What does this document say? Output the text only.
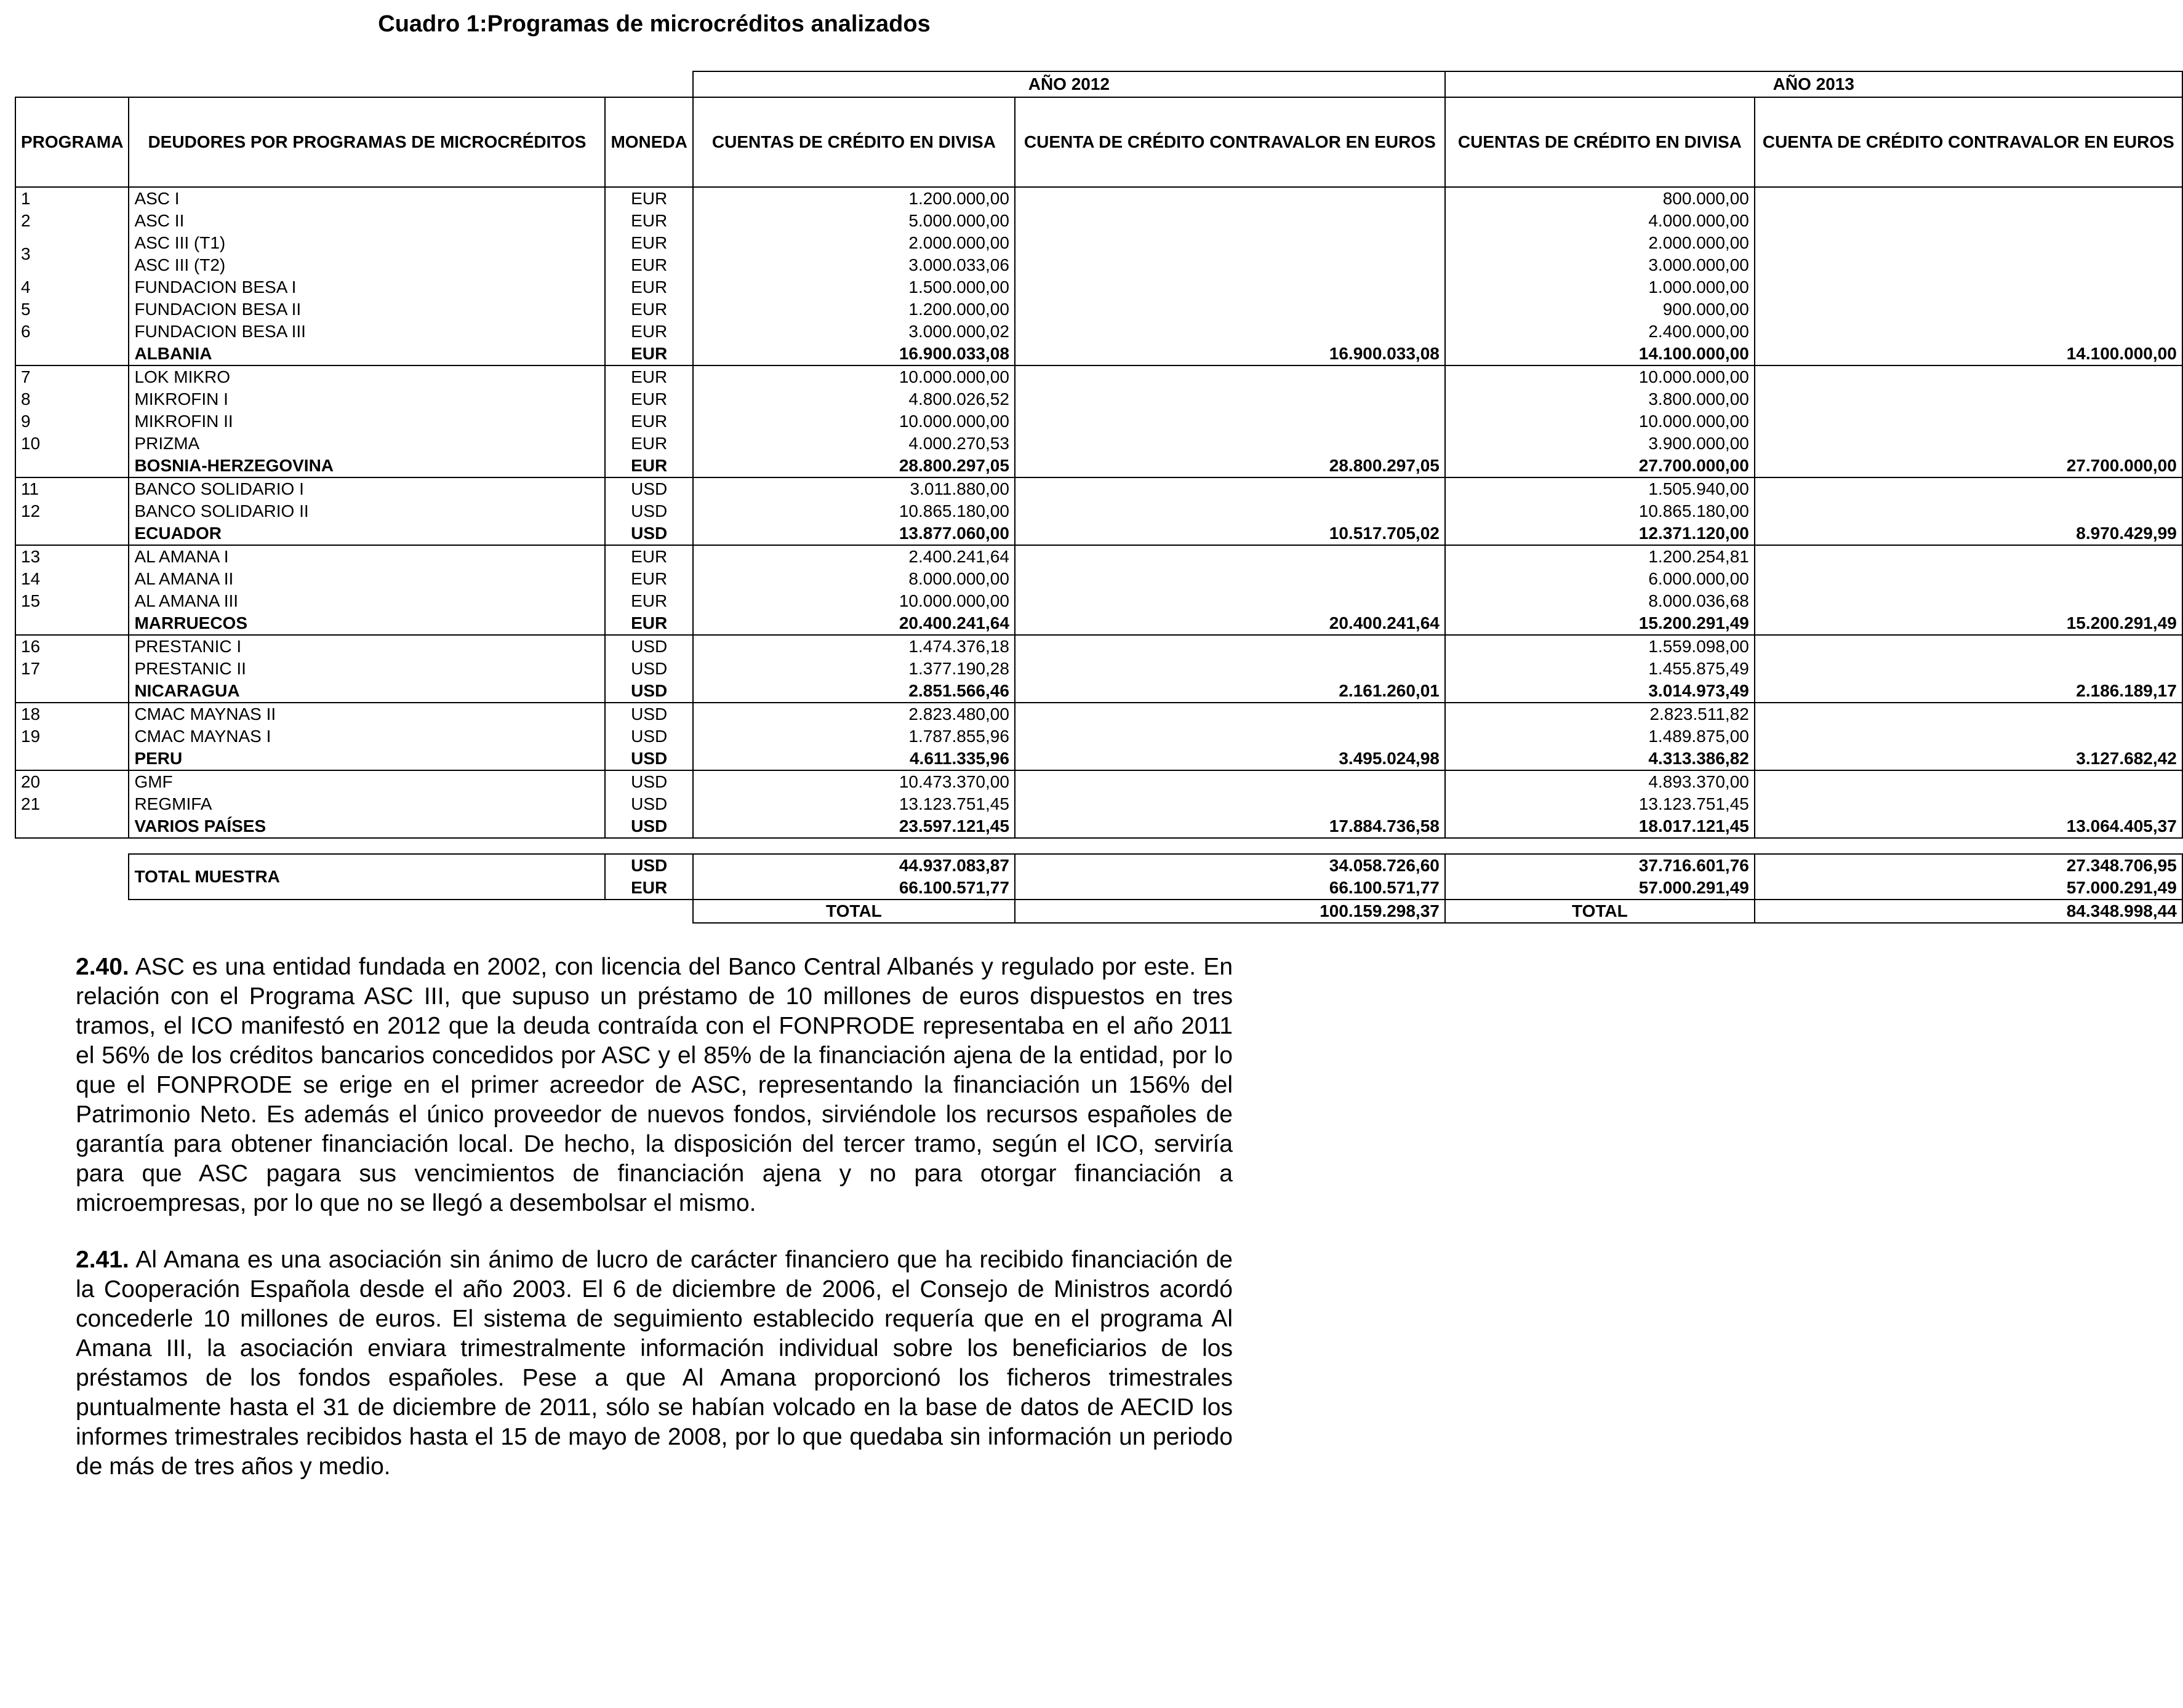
Cuadro 1:Programas de microcréditos analizados
			AÑO 2012		AÑO 2013	
PROGRAMA	DEUDORES POR PROGRAMAS DE MICROCRÉDITOS	MONEDA	CUENTAS DE CRÉDITO EN DIVISA	CUENTA DE CRÉDITO CONTRAVALOR EN EUROS	CUENTAS DE CRÉDITO EN DIVISA	CUENTA DE CRÉDITO CONTRAVALOR EN EUROS
1	ASC I	EUR	1.200.000,00		800.000,00	
2	ASC II	EUR	5.000.000,00		4.000.000,00	
3	ASC III (T1)	EUR	2.000.000,00		2.000.000,00	
	ASC III (T2)	EUR	3.000.033,06		3.000.000,00	
4	FUNDACION BESA I	EUR	1.500.000,00		1.000.000,00	
5	FUNDACION BESA II	EUR	1.200.000,00		900.000,00	
6	FUNDACION BESA III	EUR	3.000.000,02		2.400.000,00	
	ALBANIA	EUR	16.900.033,08	16.900.033,08	14.100.000,00	14.100.000,00
7	LOK MIKRO	EUR	10.000.000,00		10.000.000,00	
8	MIKROFIN I	EUR	4.800.026,52		3.800.000,00	
9	MIKROFIN II	EUR	10.000.000,00		10.000.000,00	
10	PRIZMA	EUR	4.000.270,53		3.900.000,00	
	BOSNIA-HERZEGOVINA	EUR	28.800.297,05	28.800.297,05	27.700.000,00	27.700.000,00
11	BANCO SOLIDARIO I	USD	3.011.880,00		1.505.940,00	
12	BANCO SOLIDARIO II	USD	10.865.180,00		10.865.180,00	
	ECUADOR	USD	13.877.060,00	10.517.705,02	12.371.120,00	8.970.429,99
13	AL AMANA I	EUR	2.400.241,64		1.200.254,81	
14	AL AMANA II	EUR	8.000.000,00		6.000.000,00	
15	AL AMANA III	EUR	10.000.000,00		8.000.036,68	
	MARRUECOS	EUR	20.400.241,64	20.400.241,64	15.200.291,49	15.200.291,49
16	PRESTANIC I	USD	1.474.376,18		1.559.098,00	
17	PRESTANIC II	USD	1.377.190,28		1.455.875,49	
	NICARAGUA	USD	2.851.566,46	2.161.260,01	3.014.973,49	2.186.189,17
18	CMAC MAYNAS II	USD	2.823.480,00		2.823.511,82	
19	CMAC MAYNAS I	USD	1.787.855,96		1.489.875,00	
	PERU	USD	4.611.335,96	3.495.024,98	4.313.386,82	3.127.682,42
20	GMF	USD	10.473.370,00		4.893.370,00	
21	REGMIFA	USD	13.123.751,45		13.123.751,45	
	VARIOS PAÍSES	USD	23.597.121,45	17.884.736,58	18.017.121,45	13.064.405,37

	TOTAL MUESTRA	USD	44.937.083,87	34.058.726,60	37.716.601,76	27.348.706,95
		EUR	66.100.571,77	66.100.571,77	57.000.291,49	57.000.291,49
			TOTAL	100.159.298,37	TOTAL	84.348.998,44

2.40. ASC es una entidad fundada en 2002, con licencia del Banco Central Albanés y regulado por este. En relación con el Programa ASC III, que supuso un préstamo de 10 millones de euros dispuestos en tres tramos, el ICO manifestó en 2012 que la deuda contraída con el FONPRODE representaba en el año 2011 el 56% de los créditos bancarios concedidos por ASC y el 85% de la financiación ajena de la entidad, por lo que el FONPRODE se erige en el primer acreedor de ASC, representando la financiación un 156% del Patrimonio Neto. Es además el único proveedor de nuevos fondos, sirviéndole los recursos españoles de garantía para obtener financiación local. De hecho, la disposición del tercer tramo, según el ICO, serviría para que ASC pagara sus vencimientos de financiación ajena y no para otorgar financiación a microempresas, por lo que no se llegó a desembolsar el mismo.

2.41. Al Amana es una asociación sin ánimo de lucro de carácter financiero que ha recibido financiación de la Cooperación Española desde el año 2003. El 6 de diciembre de 2006, el Consejo de Ministros acordó concederle 10 millones de euros. El sistema de seguimiento establecido requería que en el programa Al Amana III, la asociación enviara trimestralmente información individual sobre los beneficiarios de los préstamos de los fondos españoles. Pese a que Al Amana proporcionó los ficheros trimestrales puntualmente hasta el 31 de diciembre de 2011, sólo se habían volcado en la base de datos de AECID los informes trimestrales recibidos hasta el 15 de mayo de 2008, por lo que quedaba sin información un periodo de más de tres años y medio.
